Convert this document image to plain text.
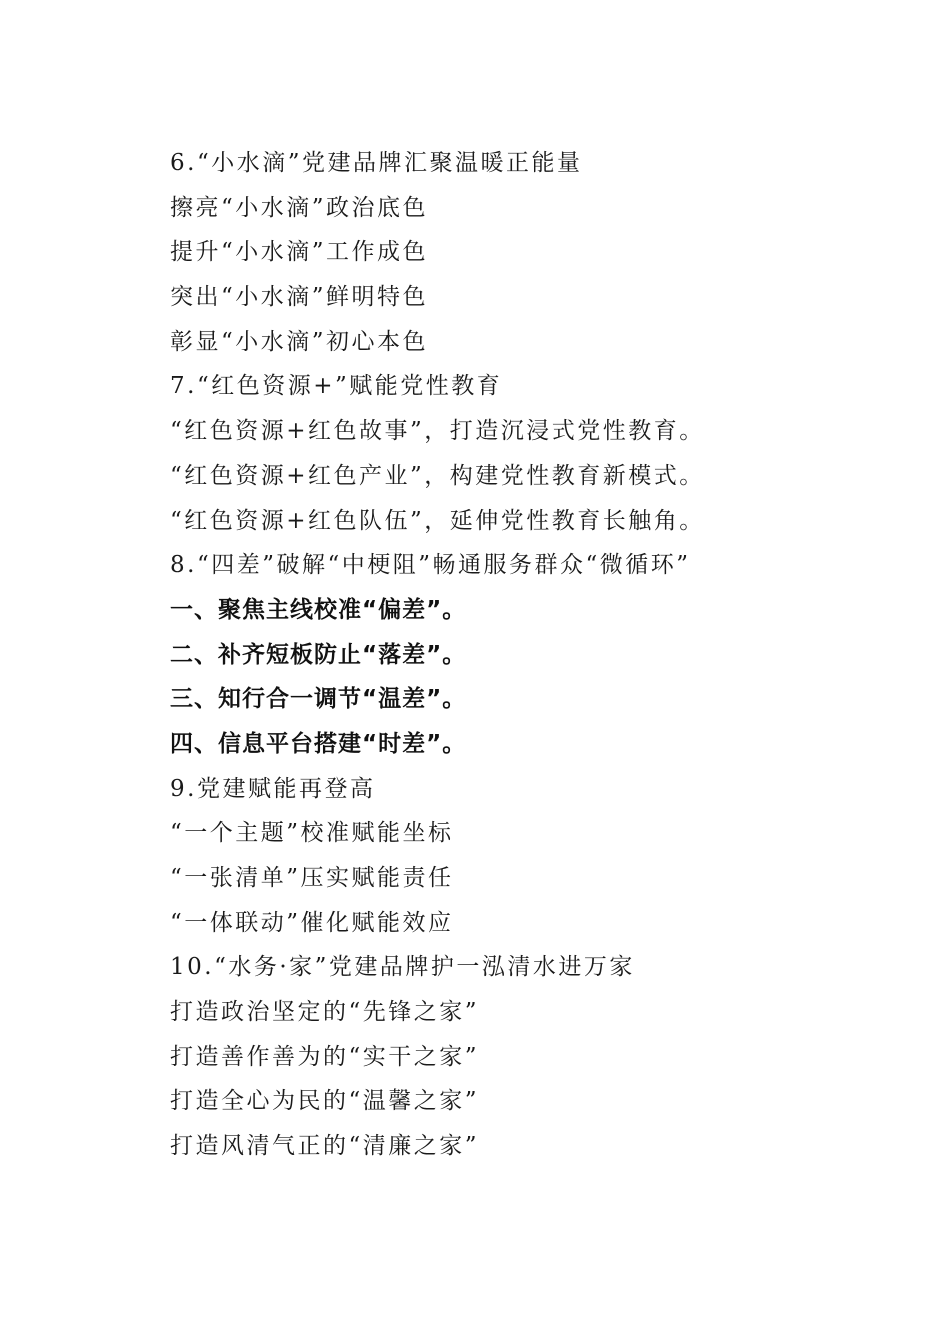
6.“小水滴”党建品牌汇聚温暖正能量
擦亮“小水滴”政治底色
提升“小水滴”工作成色
突出“小水滴”鲜明特色
彰显“小水滴”初心本色
7.“红色资源+”赋能党性教育
“红色资源+红色故事”，打造沉浸式党性教育。
“红色资源+红色产业”，构建党性教育新模式。
“红色资源+红色队伍”，延伸党性教育长触角。
8.“四差”破解“中梗阻”畅通服务群众“微循环”
一、聚焦主线校准“偏差”。
二、补齐短板防止“落差”。
三、知行合一调节“温差”。
四、信息平台搭建“时差”。
9.党建赋能再登高
“一个主题”校准赋能坐标
“一张清单”压实赋能责任
“一体联动”催化赋能效应
10.“水务·家”党建品牌护一泓清水进万家
打造政治坚定的“先锋之家”
打造善作善为的“实干之家”
打造全心为民的“温馨之家”
打造风清气正的“清廉之家”
